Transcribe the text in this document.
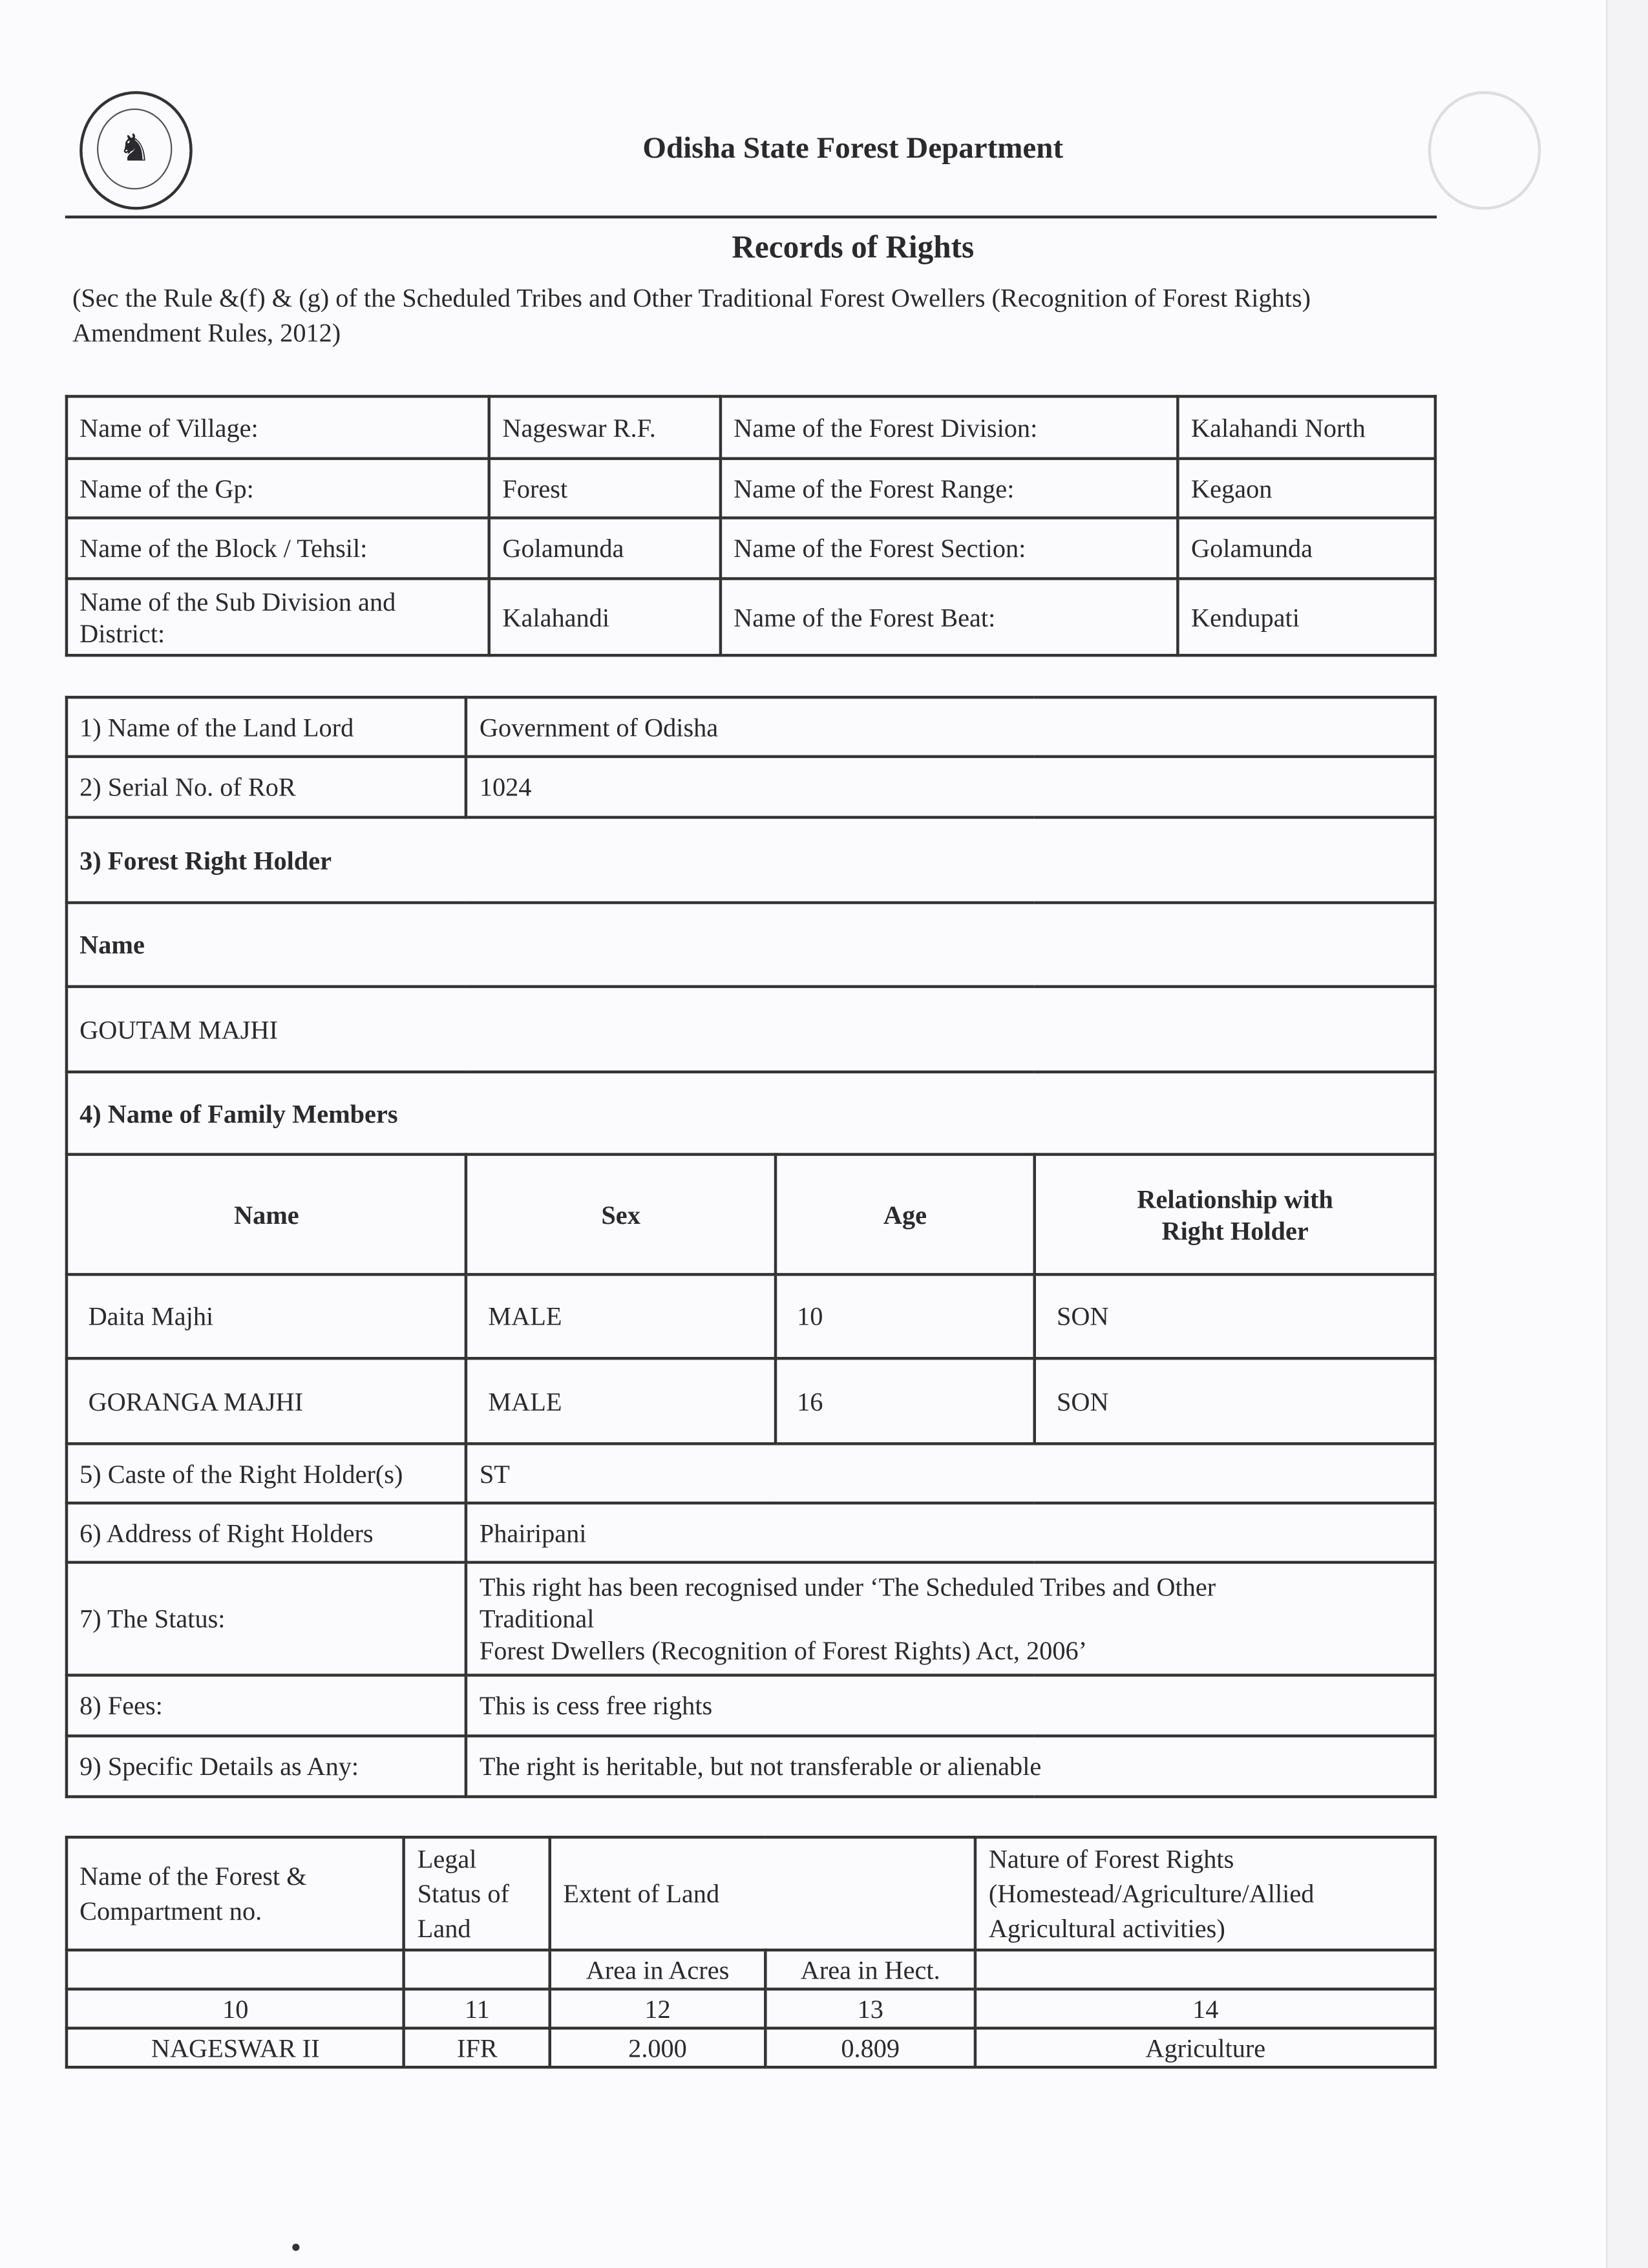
♞	Odisha State Forest Department
Records of Rights
(Sec the Rule &(f) & (g) of the Scheduled Tribes and Other Traditional Forest Owellers (Recognition of Forest Rights) Amendment Rules, 2012)
Name of Village:	Nageswar R.F.	Name of the Forest Division:	Kalahandi North
Name of the Gp:	Forest	Name of the Forest Range:	Kegaon
Name of the Block / Tehsil:	Golamunda	Name of the Forest Section:	Golamunda
Name of the Sub Division and District:	Kalahandi	Name of the Forest Beat:	Kendupati
1) Name of the Land Lord	Government of Odisha		
2) Serial No. of RoR	1024		
3) Forest Right Holder			
Name			
GOUTAM MAJHI			
4) Name of Family Members			
Name	Sex	Age	Relationship with Right Holder
Daita Majhi	MALE	10	SON
GORANGA MAJHI	MALE	16	SON
5) Caste of the Right Holder(s)	ST		
6) Address of Right Holders	Phairipani		
7) The Status:	This right has been recognised under ‘The Scheduled Tribes and Other
Traditional
Forest Dwellers (Recognition of Forest Rights) Act, 2006’		

8) Fees:	This is cess free rights		
9) Specific Details as Any:	The right is heritable, but not transferable or alienable		
Name of the Forest & Compartment no.	Legal Status of Land	Extent of Land		Nature of Forest Rights (Homestead/Agriculture/Allied Agricultural activities)
		Area in Acres	Area in Hect.	
10	11	12	13	14
NAGESWAR II	IFR	2.000	0.809	Agriculture
